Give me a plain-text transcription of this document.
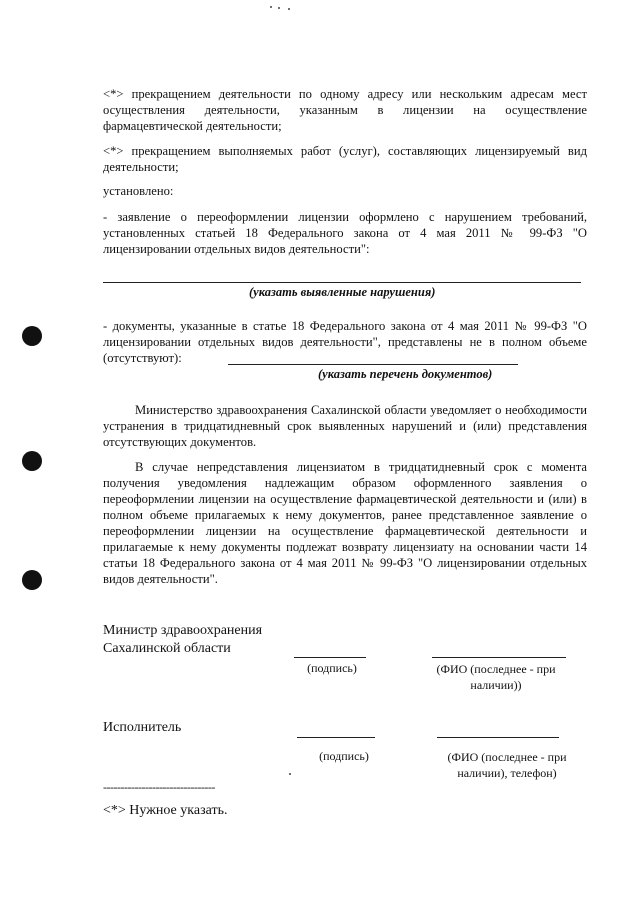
<*> прекращением деятельности по одному адресу или нескольким адресам мест осуществления деятельности, указанным в лицензии на осуществление фармацевтической деятельности;
<*> прекращением выполняемых работ (услуг), составляющих лицензируемый вид деятельности;
установлено:
- заявление о переоформлении лицензии оформлено с нарушением требований, установленных статьей 18 Федерального закона от 4 мая 2011 № 99-ФЗ "О лицензировании отдельных видов деятельности":
(указать выявленные нарушения)
- документы, указанные в статье 18 Федерального закона от 4 мая 2011 № 99-ФЗ "О лицензировании отдельных видов деятельности", представлены не в полном объеме (отсутствуют):
(указать перечень документов)
Министерство здравоохранения Сахалинской области уведомляет о необходимости устранения в тридцатидневный срок выявленных нарушений и (или) представления отсутствующих документов.
В случае непредставления лицензиатом в тридцатидневный срок с момента получения уведомления надлежащим образом оформленного заявления о переоформлении лицензии на осуществление фармацевтической деятельности и (или) в полном объеме прилагаемых к нему документов, ранее представленное заявление о переоформлении лицензии на осуществление фармацевтической деятельности и прилагаемые к нему документы подлежат возврату лицензиату на основании части 14 статьи 18 Федерального закона от 4 мая 2011 № 99-ФЗ "О лицензировании отдельных видов деятельности".
Министр здравоохранения
Сахалинской области
(подпись)	(ФИО (последнее - при наличии))
Исполнитель
(подпись)	(ФИО (последнее - при наличии), телефон)
--------------------------------
<*> Нужное указать.
